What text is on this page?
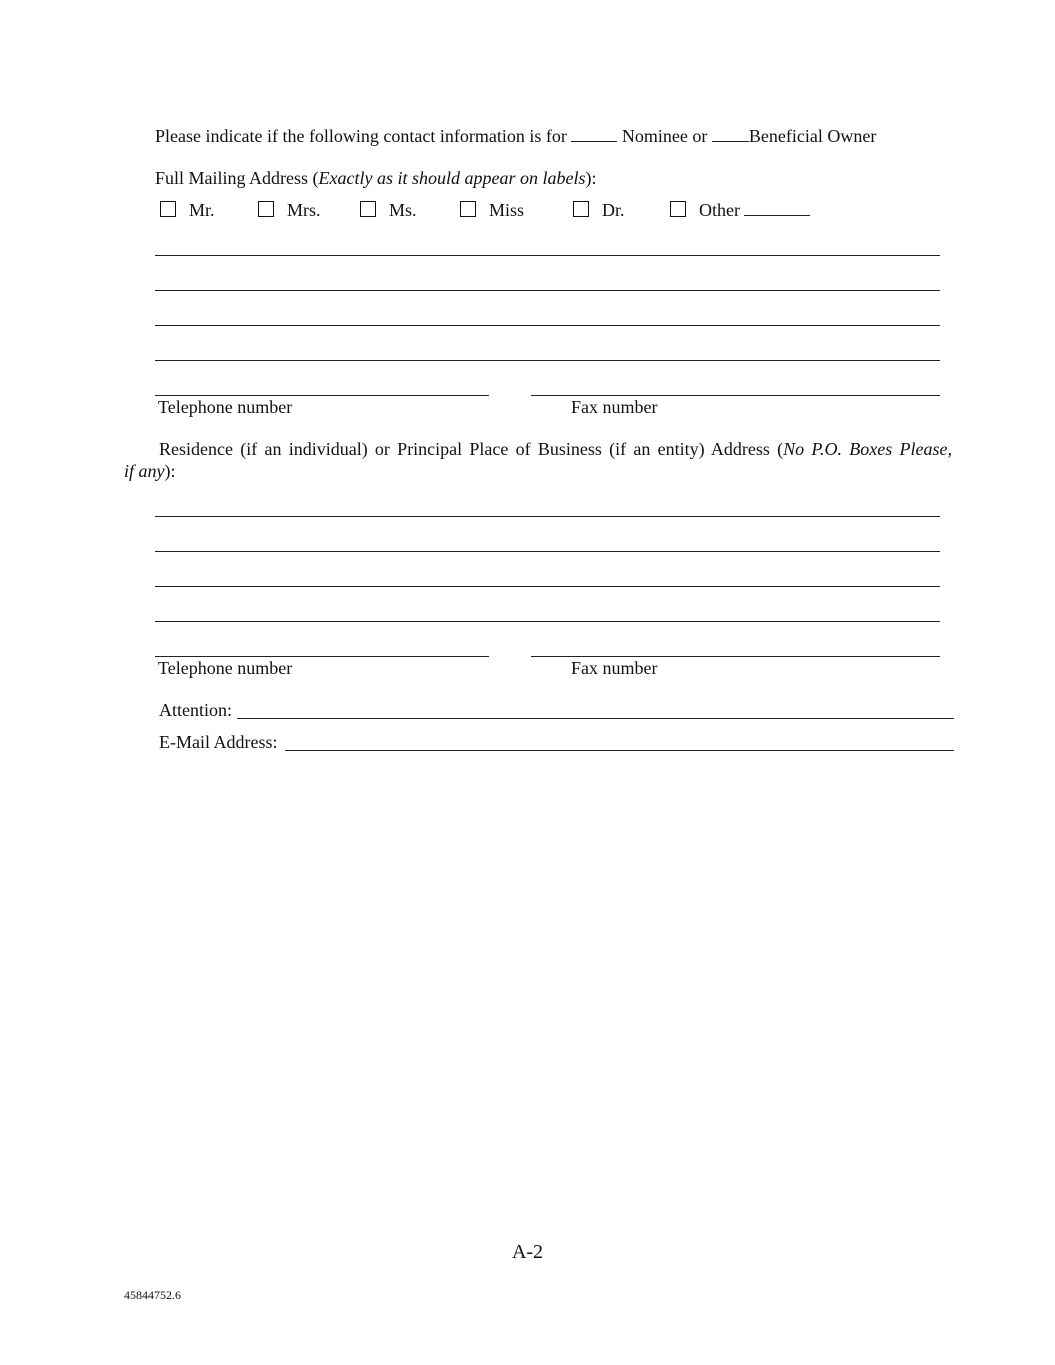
Please indicate if the following contact information is for	Nominee or Beneficial Owner
Full Mailing Address (Exactly as it should appear on labels):
Mr.	Mrs.	Ms.	Miss	Dr.	Other
Telephone number	Fax number
Residence (if an individual) or Principal Place of Business (if an entity) Address (No P.O. Boxes Please,
if any):
Telephone number	Fax number
Attention:
E-Mail Address:
A-2
45844752.6
